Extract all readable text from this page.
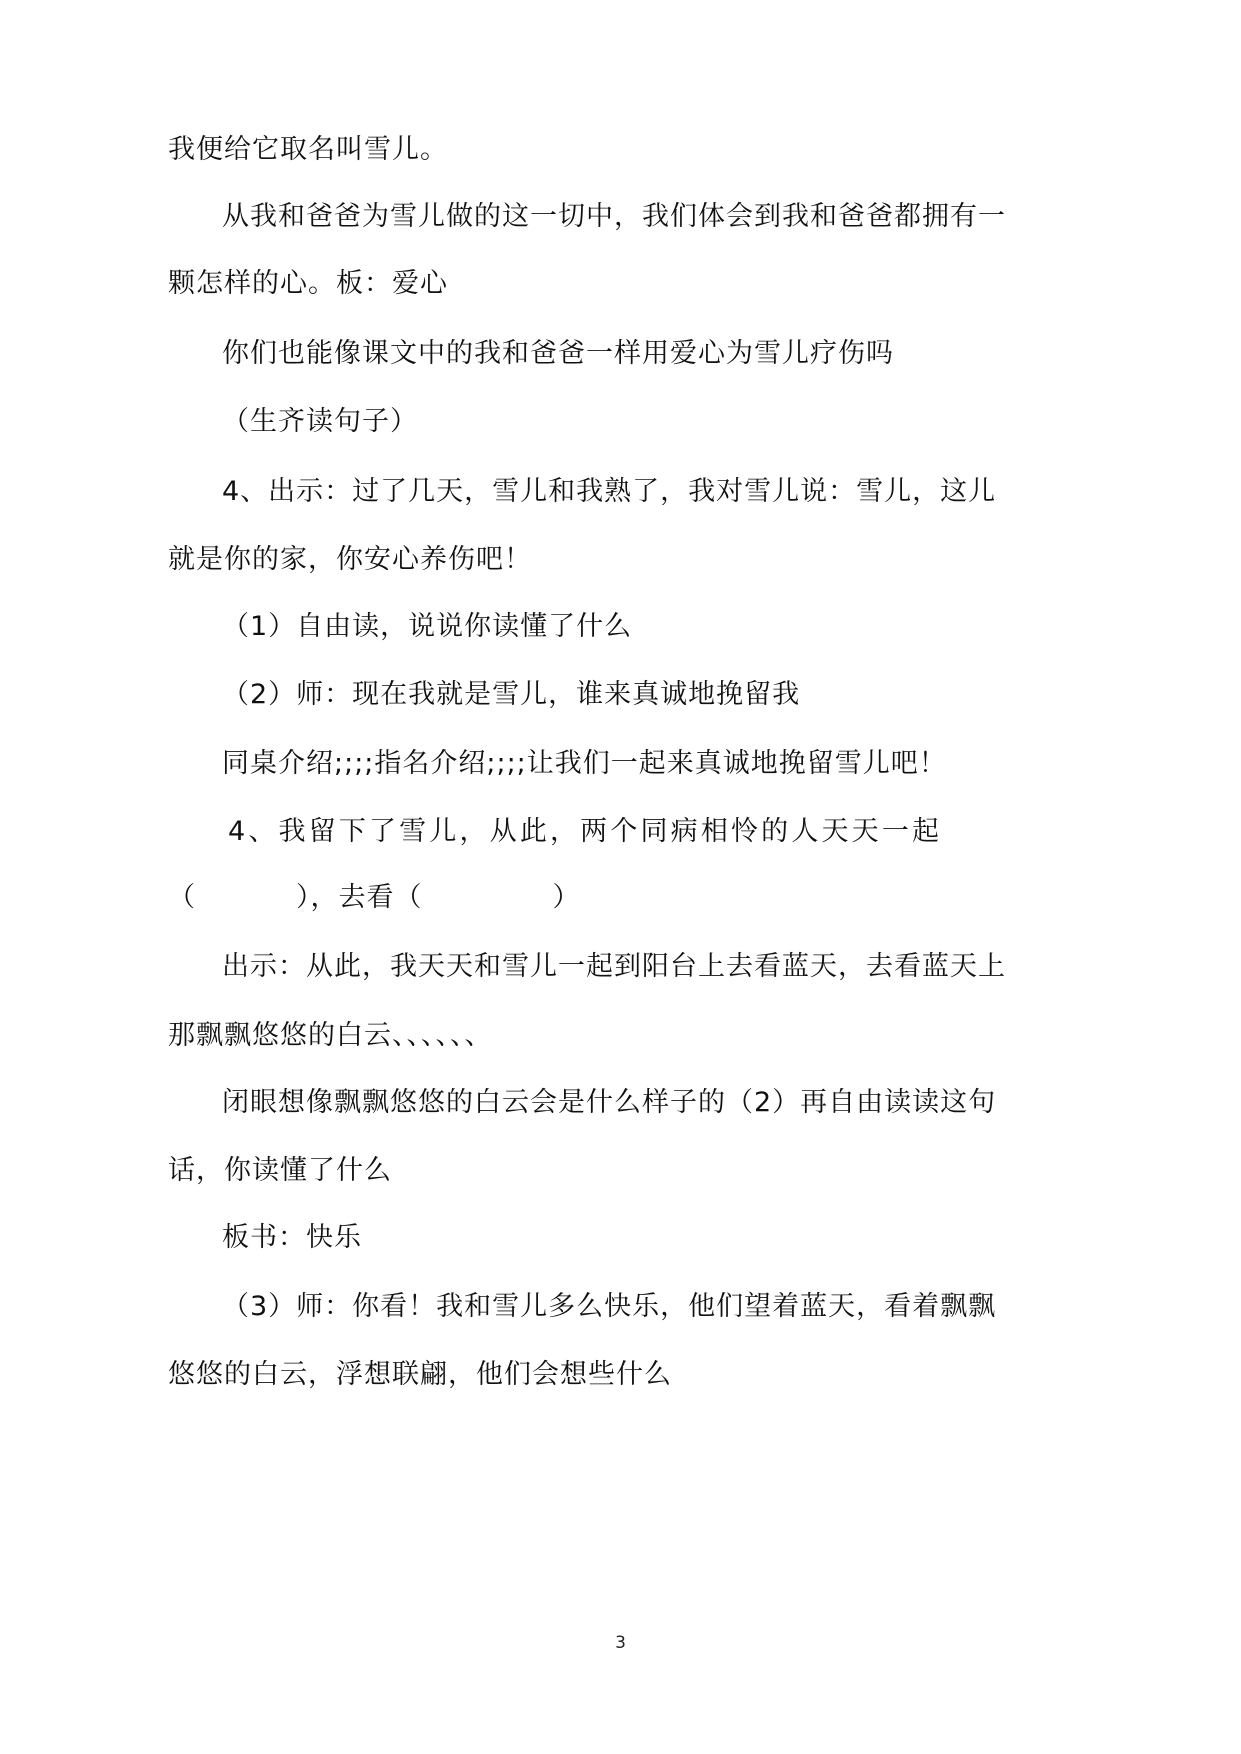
我便给它取名叫雪儿。
从我和爸爸为雪儿做的这一切中，我们体会到我和爸爸都拥有一
颗怎样的心。板：爱心
你们也能像课文中的我和爸爸一样用爱心为雪儿疗伤吗
（生齐读句子）
4、出示：过了几天，雪儿和我熟了，我对雪儿说：雪儿，这儿
就是你的家，你安心养伤吧！
（1）自由读，说说你读懂了什么
（2）师：现在我就是雪儿，谁来真诚地挽留我
同桌介绍;;;;指名介绍;;;;让我们一起来真诚地挽留雪儿吧！
4、我留下了雪儿，从此，两个同病相怜的人天天一起
（	），去看（	）
出示：从此，我天天和雪儿一起到阳台上去看蓝天，去看蓝天上
那飘飘悠悠的白云、、、、、、
闭眼想像飘飘悠悠的白云会是什么样子的（2）再自由读读这句
话，你读懂了什么
板书：快乐
（3）师：你看！我和雪儿多么快乐，他们望着蓝天，看着飘飘
悠悠的白云，浮想联翩，他们会想些什么
3
